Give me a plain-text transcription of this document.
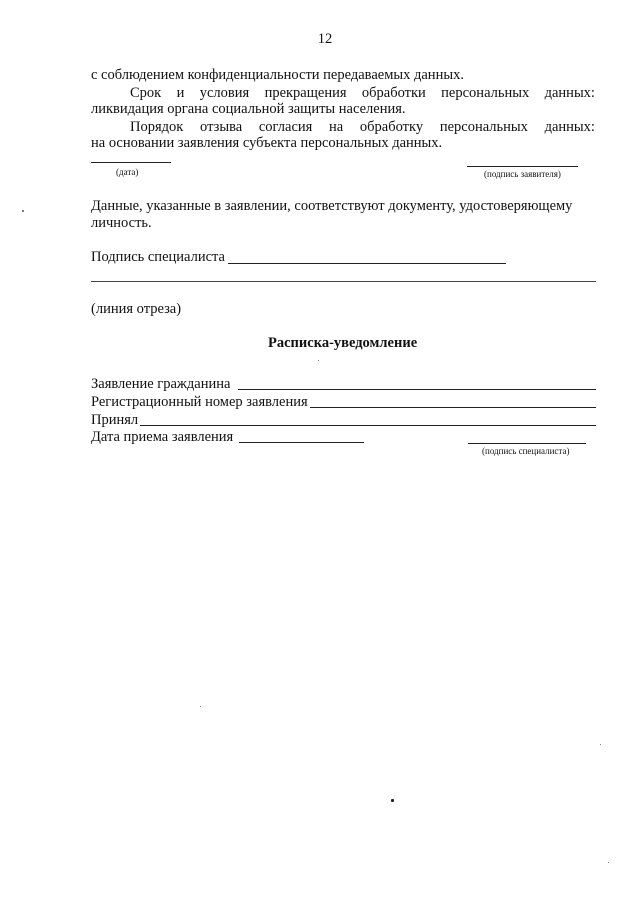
12
с соблюдением конфиденциальности передаваемых данных.
Срок и условия прекращения обработки персональных данных:
ликвидация органа социальной защиты населения.
Порядок отзыва согласия на обработку персональных данных:
на основании заявления субъекта персональных данных.
(дата)	(подпись заявителя)
Данные, указанные в заявлении, соответствуют документу, удостоверяющему
личность.
Подпись специалиста
(линия отреза)
Расписка-уведомление
Заявление гражданина
Регистрационный номер заявления
Принял
Дата приема заявления
(подпись специалиста)
